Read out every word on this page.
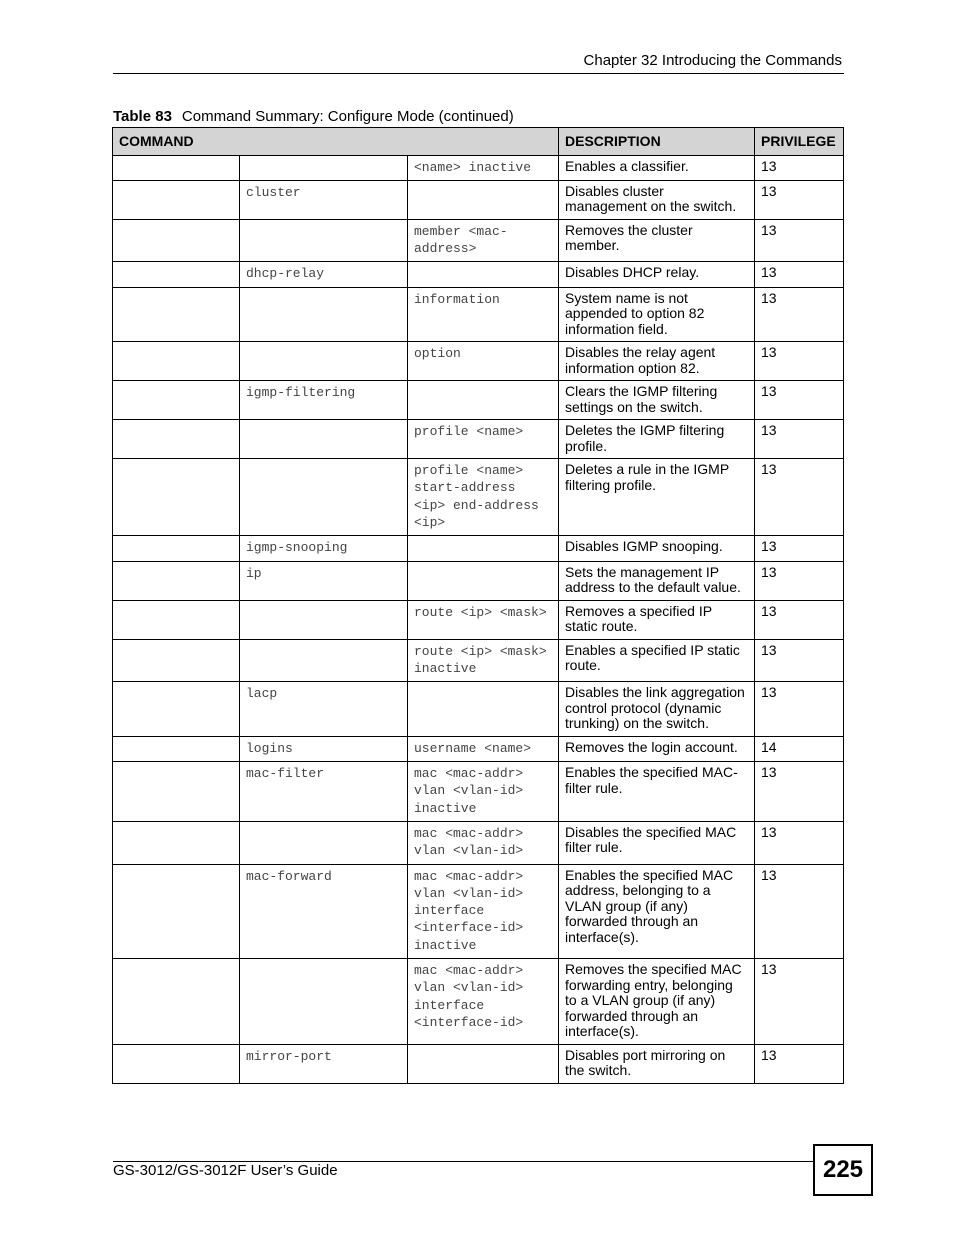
Chapter 32 Introducing the Commands
Table 83 Command Summary: Configure Mode (continued)
COMMAND			DESCRIPTION	PRIVILEGE
		<name> inactive	Enables a classifier.	13
	cluster		Disables cluster management on the switch.	13
		member <mac-address>	Removes the cluster member.	13
	dhcp-relay		Disables DHCP relay.	13
		information	System name is not appended to option 82 information field.	13
		option	Disables the relay agent information option 82.	13
	igmp-filtering		Clears the IGMP filtering settings on the switch.	13
		profile <name>	Deletes the IGMP filtering profile.	13
		profile <name> start-address <ip> end-address <ip>	Deletes a rule in the IGMP filtering profile.	13
	igmp-snooping		Disables IGMP snooping.	13
	ip		Sets the management IP address to the default value.	13
		route <ip> <mask>	Removes a specified IP static route.	13
		route <ip> <mask> inactive	Enables a specified IP static route.	13
	lacp		Disables the link aggregation control protocol (dynamic trunking) on the switch.	13
	logins	username <name>	Removes the login account.	14
	mac-filter	mac <mac-addr> vlan <vlan-id> inactive	Enables the specified MAC-filter rule.	13
		mac <mac-addr> vlan <vlan-id>	Disables the specified MAC filter rule.	13
	mac-forward	mac <mac-addr> vlan <vlan-id> interface <interface-id> inactive	Enables the specified MAC address, belonging to a VLAN group (if any) forwarded through an interface(s).	13
		mac <mac-addr> vlan <vlan-id> interface <interface-id>	Removes the specified MAC forwarding entry, belonging to a VLAN group (if any) forwarded through an interface(s).	13
	mirror-port		Disables port mirroring on the switch.	13
GS-3012/GS-3012F User’s Guide	225
